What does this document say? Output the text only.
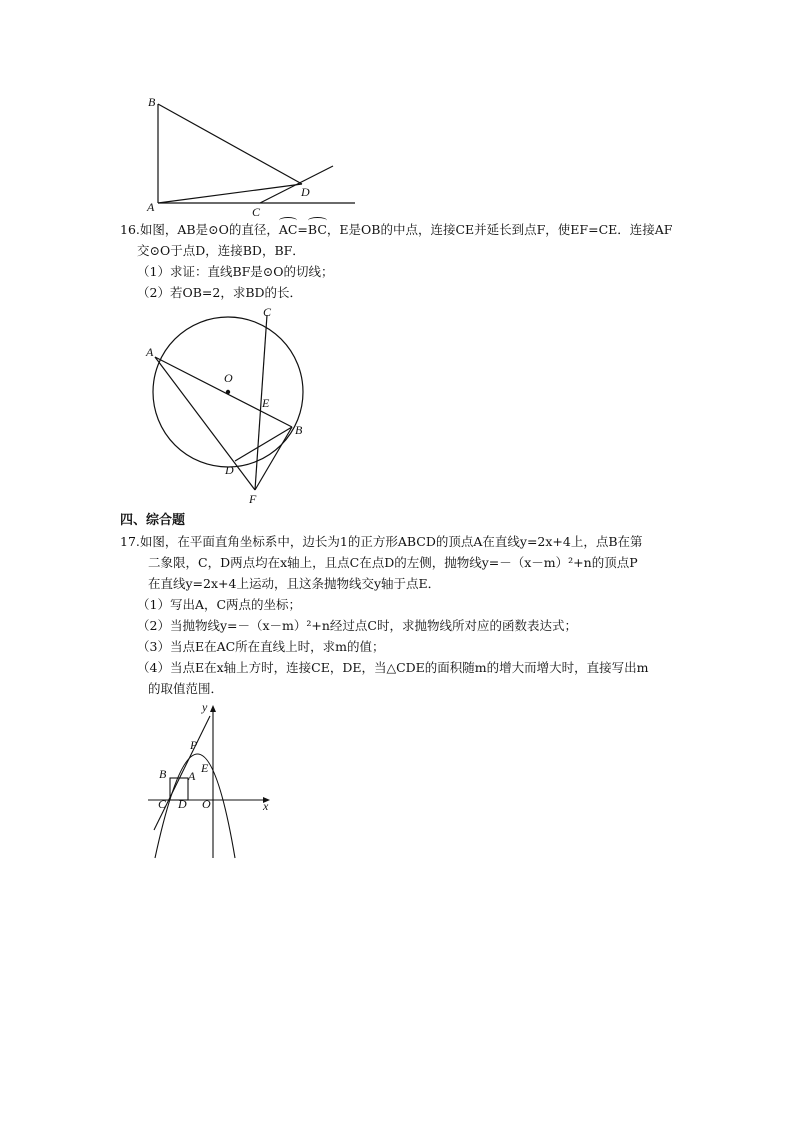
B
A
D
C
16.如图，AB是⊙O的直径，AC=BC，E是OB的中点，连接CE并延长到点F，使EF=CE．连接AF
交⊙O于点D，连接BD，BF．
（1）求证：直线BF是⊙O的切线；
（2）若OB=2，求BD的长．
C
A
O
E
B
D
F
四、综合题
17.如图，在平面直角坐标系中，边长为1的正方形ABCD的顶点A在直线y=2x+4上，点B在第
二象限，C，D两点均在x轴上，且点C在点D的左侧，抛物线y=－（x－m）²+n的顶点P
在直线y=2x+4上运动，且这条抛物线交y轴于点E．
（1）写出A，C两点的坐标；
（2）当抛物线y=－（x－m）²+n经过点C时，求抛物线所对应的函数表达式；
（3）当点E在AC所在直线上时，求m的值；
（4）当点E在x轴上方时，连接CE，DE，当△CDE的面积随m的增大而增大时，直接写出m
的取值范围．
y
x
P
E
B A
C D O
